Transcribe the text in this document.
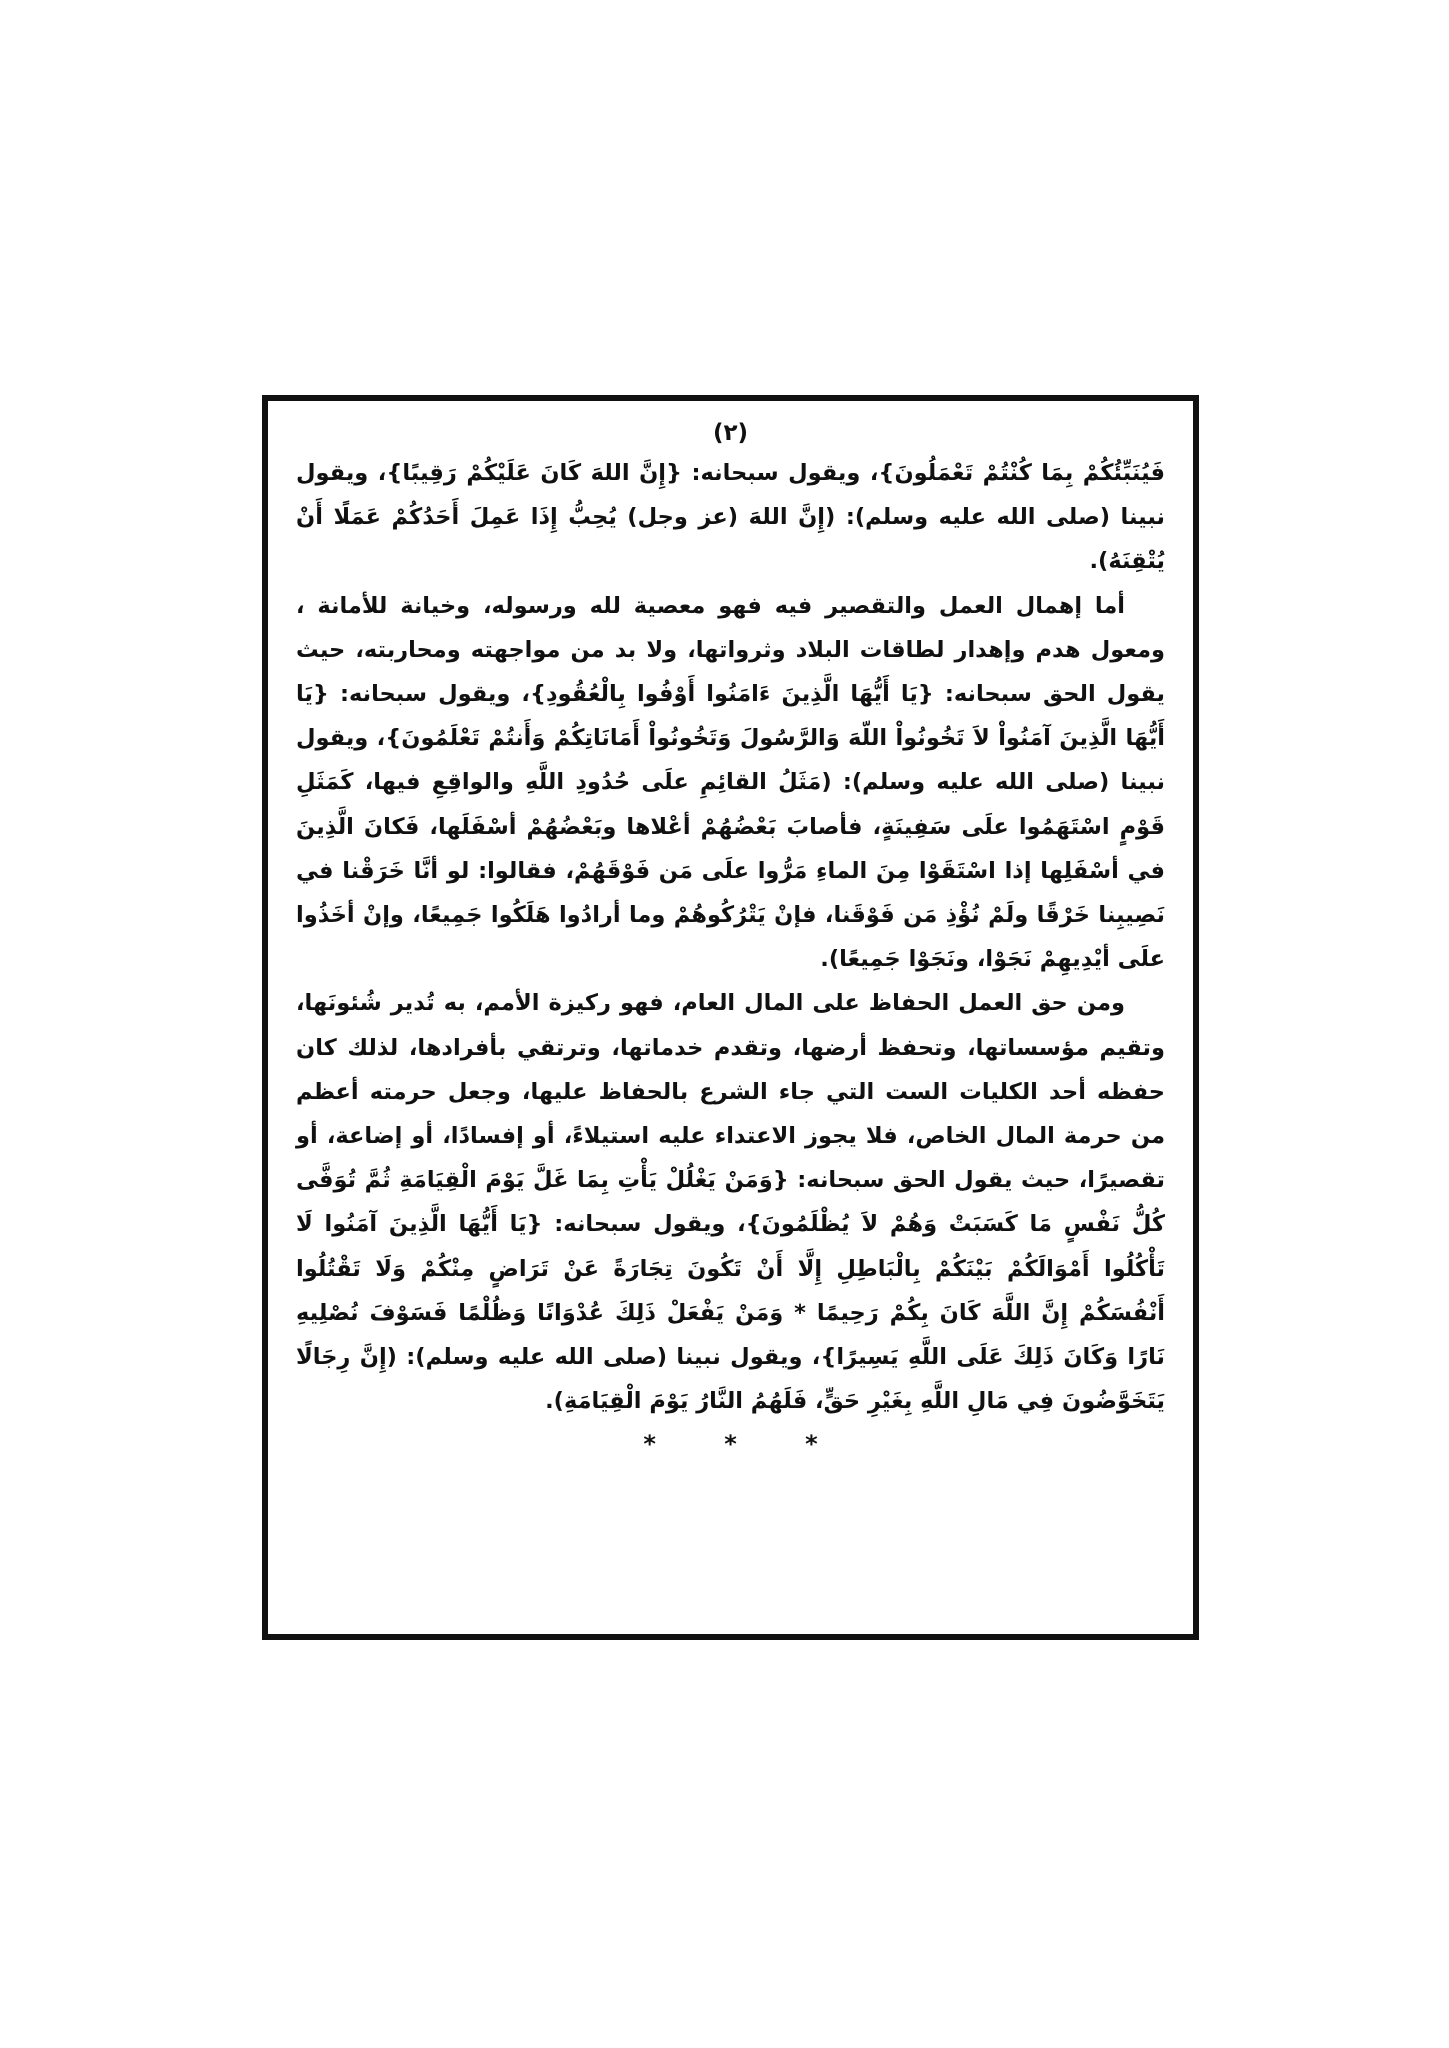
(٢)

فَيُنَبِّئُكُمْ بِمَا كُنْتُمْ تَعْمَلُونَ}، ويقول سبحانه: {إِنَّ اللهَ كَانَ عَلَيْكُمْ رَقِيبًا}، ويقول نبينا (صلى الله عليه وسلم): (إِنَّ اللهَ (عز وجل) يُحِبُّ إِذَا عَمِلَ أَحَدُكُمْ عَمَلًا أَنْ يُتْقِنَهُ).

أما إهمال العمل والتقصير فيه فهو معصية لله ورسوله، وخيانة للأمانة ، ومعول هدم وإهدار لطاقات البلاد وثرواتها، ولا بد من مواجهته ومحاربته، حيث يقول الحق سبحانه: {يَا أَيُّهَا الَّذِينَ ءَامَنُوا أَوْفُوا بِالْعُقُودِ}، ويقول سبحانه: {يَا أَيُّهَا الَّذِينَ آمَنُواْ لاَ تَخُونُواْ اللّهَ وَالرَّسُولَ وَتَخُونُواْ أَمَانَاتِكُمْ وَأَنتُمْ تَعْلَمُونَ}، ويقول نبينا (صلى الله عليه وسلم): (مَثَلُ القائِمِ علَى حُدُودِ اللَّهِ والواقِعِ فيها، كَمَثَلِ قَوْمٍ اسْتَهَمُوا علَى سَفِينَةٍ، فأصابَ بَعْضُهُمْ أعْلاها وبَعْضُهُمْ أسْفَلَها، فَكانَ الَّذِينَ في أسْفَلِها إذا اسْتَقَوْا مِنَ الماءِ مَرُّوا علَى مَن فَوْقَهُمْ، فقالوا: لو أنَّا خَرَقْنا في نَصِيبِنا خَرْقًا ولَمْ نُؤْذِ مَن فَوْقَنا، فإنْ يَتْرُكُوهُمْ وما أرادُوا هَلَكُوا جَمِيعًا، وإنْ أخَذُوا علَى أيْدِيهِمْ نَجَوْا، ونَجَوْا جَمِيعًا).

ومن حق العمل الحفاظ على المال العام، فهو ركيزة الأمم، به تُدير شُئونَها، وتقيم مؤسساتها، وتحفظ أرضها، وتقدم خدماتها، وترتقي بأفرادها، لذلك كان حفظه أحد الكليات الست التي جاء الشرع بالحفاظ عليها، وجعل حرمته أعظم من حرمة المال الخاص، فلا يجوز الاعتداء عليه استيلاءً، أو إفسادًا، أو إضاعة، أو تقصيرًا، حيث يقول الحق سبحانه: {وَمَنْ يَغْلُلْ يَأْتِ بِمَا غَلَّ يَوْمَ الْقِيَامَةِ ثُمَّ تُوَفَّى كُلُّ نَفْسٍ مَا كَسَبَتْ وَهُمْ لاَ يُظْلَمُونَ}، ويقول سبحانه: {يَا أَيُّهَا الَّذِينَ آمَنُوا لَا تَأْكُلُوا أَمْوَالَكُمْ بَيْنَكُمْ بِالْبَاطِلِ إِلَّا أَنْ تَكُونَ تِجَارَةً عَنْ تَرَاضٍ مِنْكُمْ وَلَا تَقْتُلُوا أَنْفُسَكُمْ إِنَّ اللَّهَ كَانَ بِكُمْ رَحِيمًا * وَمَنْ يَفْعَلْ ذَلِكَ عُدْوَانًا وَظُلْمًا فَسَوْفَ نُصْلِيهِ نَارًا وَكَانَ ذَلِكَ عَلَى اللَّهِ يَسِيرًا}، ويقول نبينا (صلى الله عليه وسلم): (إِنَّ رِجَالًا يَتَخَوَّضُونَ فِي مَالِ اللَّهِ بِغَيْرِ حَقٍّ، فَلَهُمُ النَّارُ يَوْمَ الْقِيَامَةِ).

* * *
